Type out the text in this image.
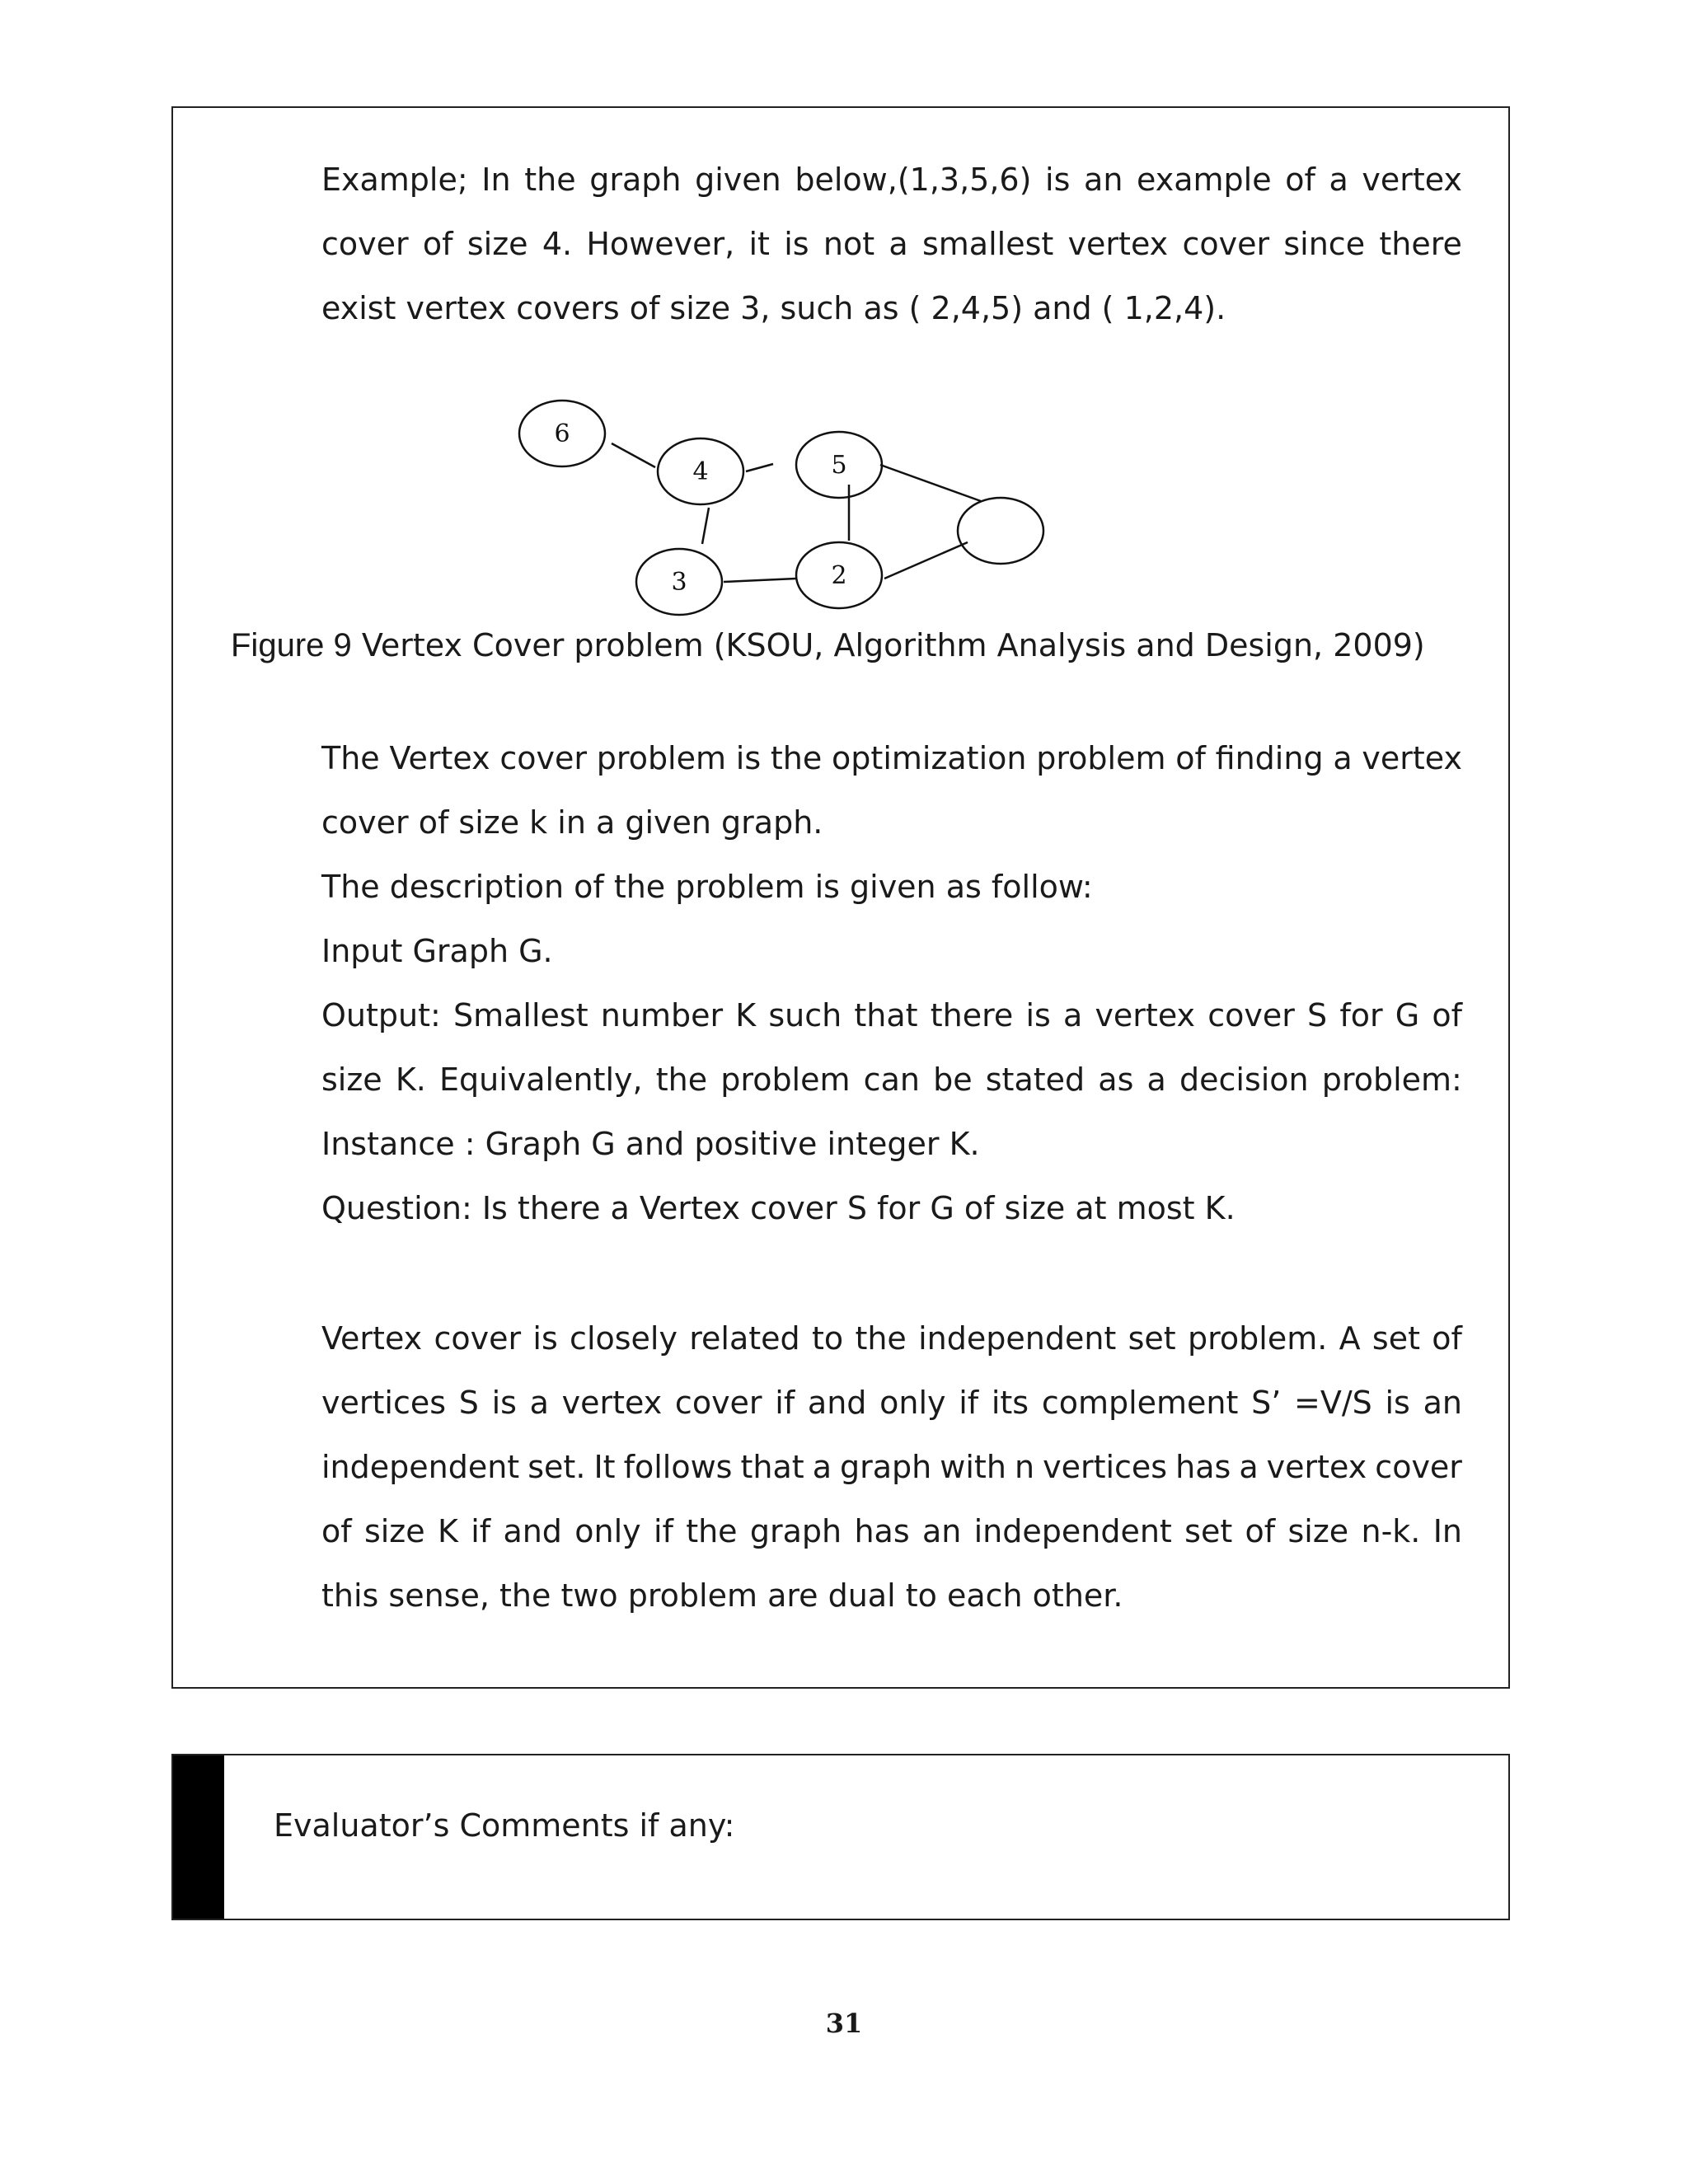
Example; In the graph given below,(1,3,5,6) is an example of a vertex

cover of size 4. However, it is not a smallest vertex cover since there

exist vertex covers of size 3, such as ( 2,4,5) and ( 1,2,4).

6
4	5
3	2
Figure 9 Vertex Cover problem (KSOU, Algorithm Analysis and Design, 2009)

The Vertex cover problem is the optimization problem of finding a vertex

cover of size k in a given graph.

The description of the problem is given as follow:

Input Graph G.

Output: Smallest number K such that there is a vertex cover S for G of

size K. Equivalently, the problem can be stated as a decision problem:

Instance : Graph G and positive integer K.

Question: Is there a Vertex cover S for G of size at most K.

Vertex cover is closely related to the independent set problem. A set of

vertices S is a vertex cover if and only if its complement S’ =V/S is an

independent set. It follows that a graph with n vertices has a vertex cover

of size K if and only if the graph has an independent set of size n-k. In

this sense, the two problem are dual to each other.

Evaluator’s Comments if any:
31
